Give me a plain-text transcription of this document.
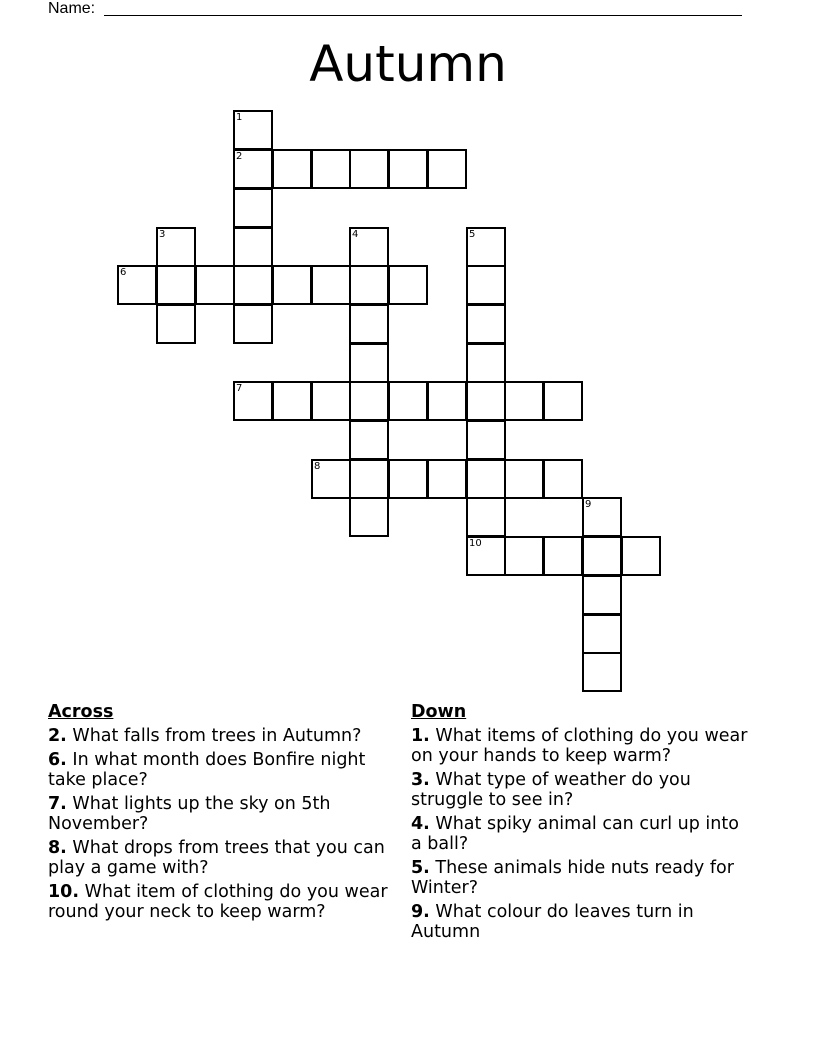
Name:
Autumn
1
2
3	4	5
6
7
8
9
10
Across
2. What falls from trees in Autumn?
6. In what month does Bonfire night take place?
7. What lights up the sky on 5th November?
8. What drops from trees that you can play a game with?
10. What item of clothing do you wear round your neck to keep warm?
Down
1. What items of clothing do you wear on your hands to keep warm?
3. What type of weather do you struggle to see in?
4. What spiky animal can curl up into a ball?
5. These animals hide nuts ready for Winter?
9. What colour do leaves turn in Autumn
